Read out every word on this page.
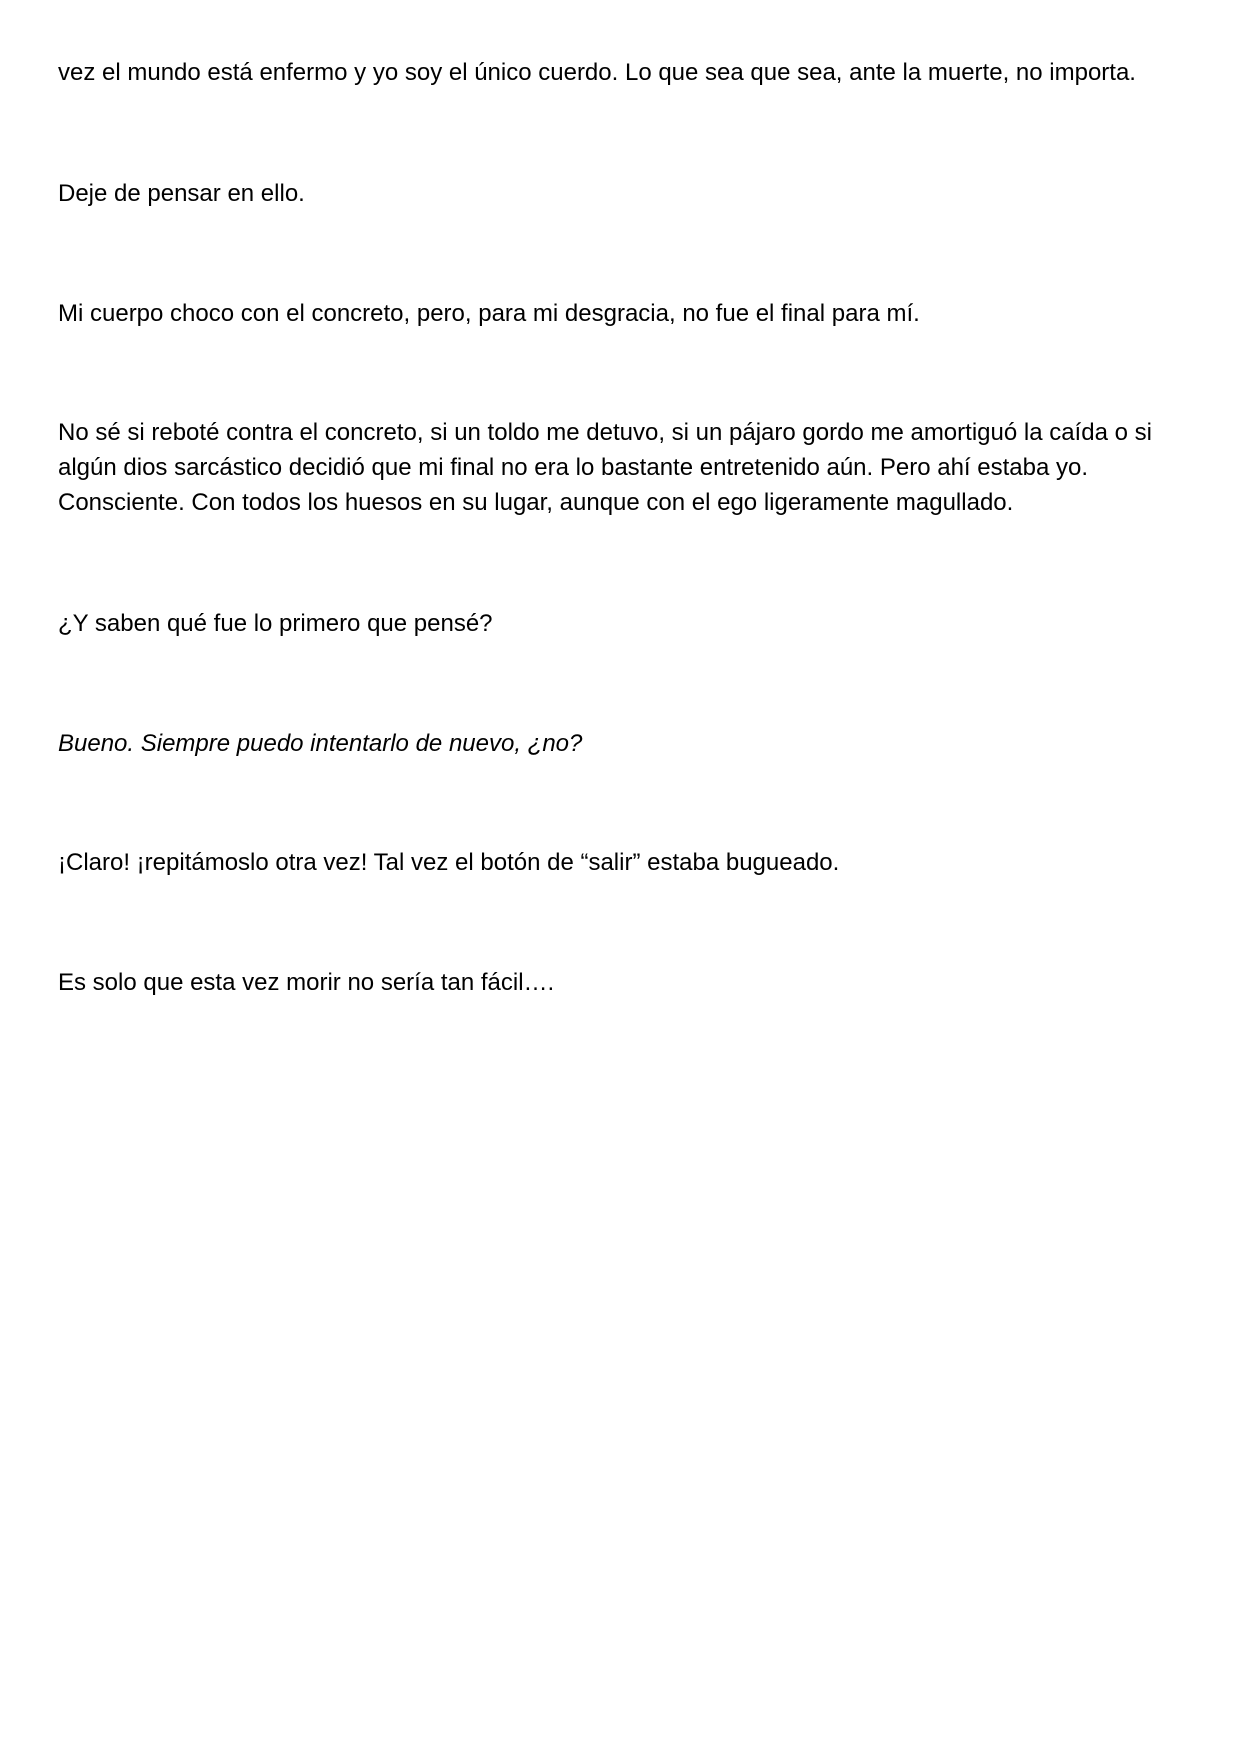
vez el mundo está enfermo y yo soy el único cuerdo. Lo que sea que sea, ante la muerte, no importa.

Deje de pensar en ello.

Mi cuerpo choco con el concreto, pero, para mi desgracia, no fue el final para mí.

No sé si reboté contra el concreto, si un toldo me detuvo, si un pájaro gordo me amortiguó la caída o si algún dios sarcástico decidió que mi final no era lo bastante entretenido aún. Pero ahí estaba yo. Consciente. Con todos los huesos en su lugar, aunque con el ego ligeramente magullado.

¿Y saben qué fue lo primero que pensé?

Bueno. Siempre puedo intentarlo de nuevo, ¿no?

¡Claro! ¡repitámoslo otra vez! Tal vez el botón de “salir” estaba bugueado.

Es solo que esta vez morir no sería tan fácil….
